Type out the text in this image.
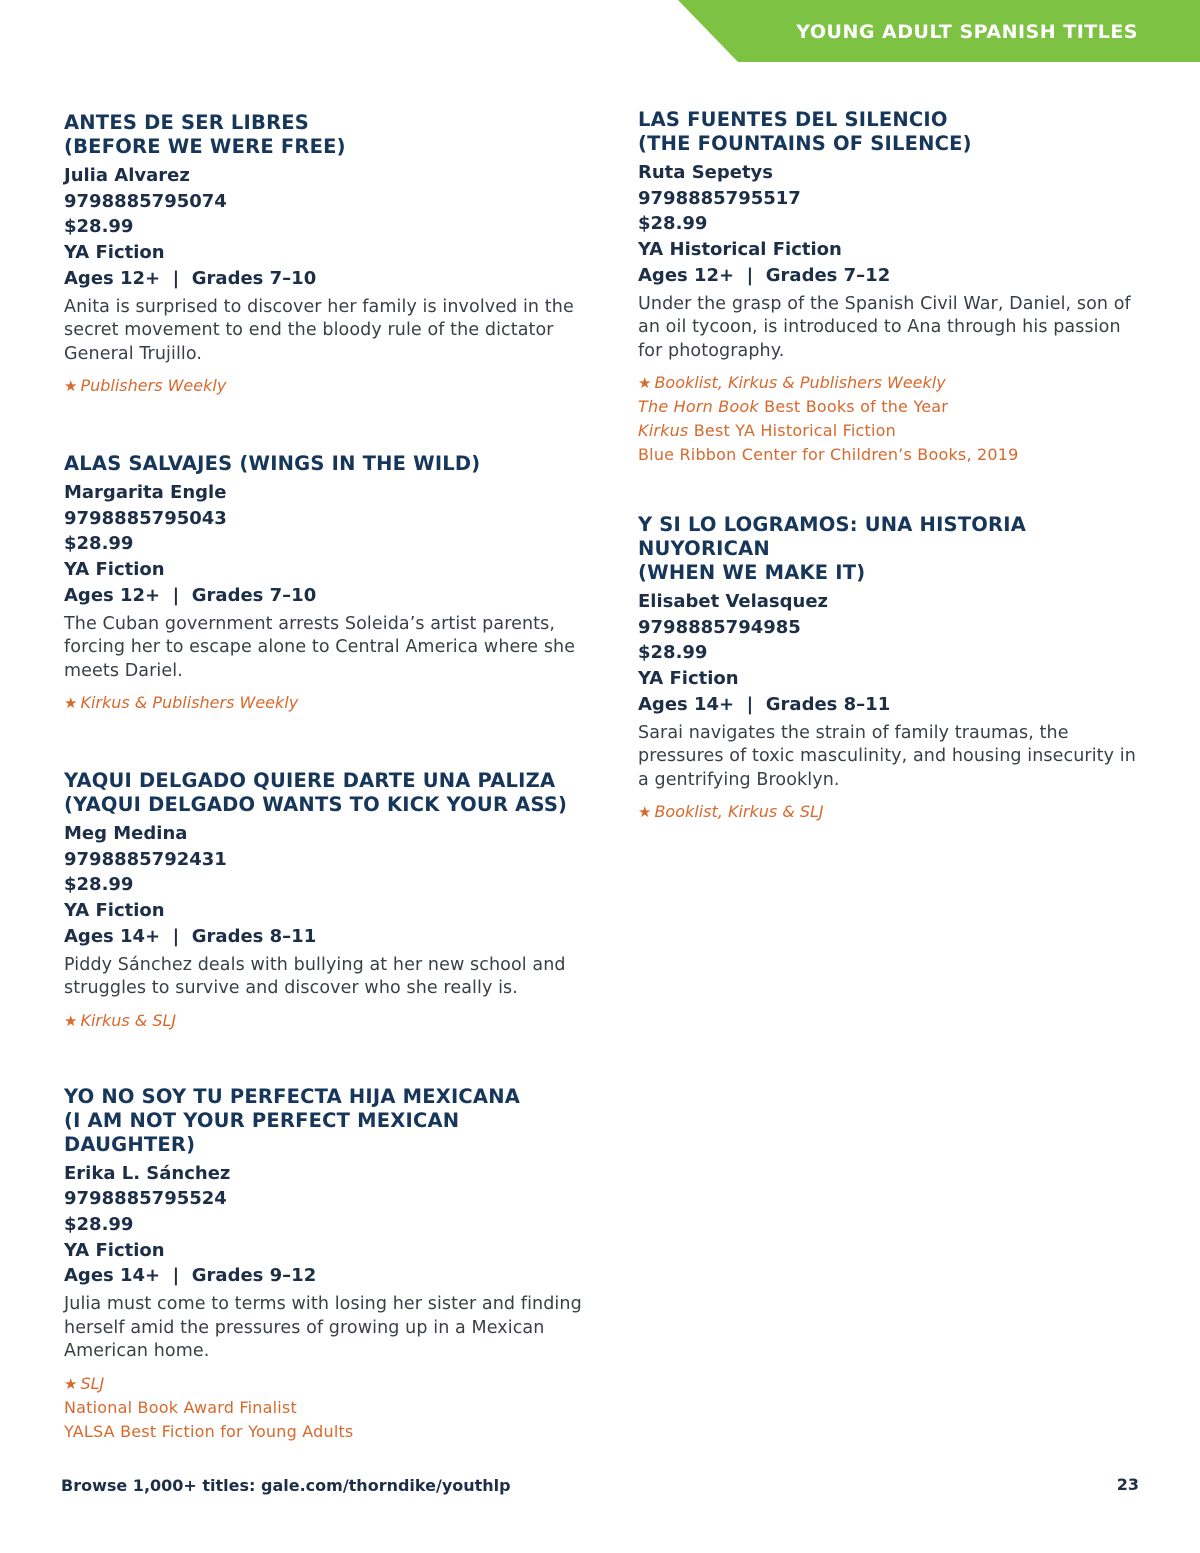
YOUNG ADULT SPANISH TITLES
ANTES DE SER LIBRES
(BEFORE WE WERE FREE)
Julia Alvarez
9798885795074
$28.99
YA Fiction
Ages 12+  |  Grades 7–10
Anita is surprised to discover her family is involved in the secret movement to end the bloody rule of the dictator General Trujillo.
★ Publishers Weekly
ALAS SALVAJES (WINGS IN THE WILD)
Margarita Engle
9798885795043
$28.99
YA Fiction
Ages 12+  |  Grades 7–10
The Cuban government arrests Soleida’s artist parents, forcing her to escape alone to Central America where she meets Dariel.
★ Kirkus & Publishers Weekly
YAQUI DELGADO QUIERE DARTE UNA PALIZA
(YAQUI DELGADO WANTS TO KICK YOUR ASS)
Meg Medina
9798885792431
$28.99
YA Fiction
Ages 14+  |  Grades 8–11
Piddy Sánchez deals with bullying at her new school and struggles to survive and discover who she really is.
★ Kirkus & SLJ
YO NO SOY TU PERFECTA HIJA MEXICANA
(I AM NOT YOUR PERFECT MEXICAN DAUGHTER)
Erika L. Sánchez
9798885795524
$28.99
YA Fiction
Ages 14+  |  Grades 9–12
Julia must come to terms with losing her sister and finding herself amid the pressures of growing up in a Mexican American home.
★ SLJ
National Book Award Finalist
YALSA Best Fiction for Young Adults
LAS FUENTES DEL SILENCIO
(THE FOUNTAINS OF SILENCE)
Ruta Sepetys
9798885795517
$28.99
YA Historical Fiction
Ages 12+  |  Grades 7–12
Under the grasp of the Spanish Civil War, Daniel, son of an oil tycoon, is introduced to Ana through his passion for photography.
★ Booklist, Kirkus & Publishers Weekly
The Horn Book Best Books of the Year
Kirkus Best YA Historical Fiction
Blue Ribbon Center for Children’s Books, 2019
Y SI LO LOGRAMOS: UNA HISTORIA NUYORICAN
(WHEN WE MAKE IT)
Elisabet Velasquez
9798885794985
$28.99
YA Fiction
Ages 14+  |  Grades 8–11
Sarai navigates the strain of family traumas, the pressures of toxic masculinity, and housing insecurity in a gentrifying Brooklyn.
★ Booklist, Kirkus & SLJ
Browse 1,000+ titles: gale.com/thorndike/youthlp	23
